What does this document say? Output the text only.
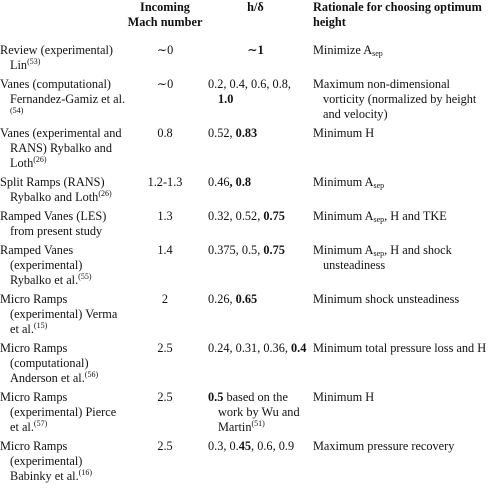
	Incoming Mach number	h/δ	Rationale for choosing optimum height

Review (experimental) Lin$^{(53)}$	∼0	∼1	Minimize $A_{sep}$

Vanes (computational) Fernandez-Gamiz et al.$^{(54)}$	∼0	0.2, 0.4, 0.6, 0.8, 1.0	Maximum non-dimensional vorticity (normalized by height and velocity)

Vanes (experimental and RANS) Rybalko and Loth$^{(26)}$	0.8	0.52, 0.83	Minimum H

Split Ramps (RANS) Rybalko and Loth$^{(26)}$	1.2-1.3	0.46, 0.8	Minimum $A_{sep}$

Ramped Vanes (LES) from present study	1.3	0.32, 0.52, 0.75	Minimum $A_{sep}$, H and TKE

Ramped Vanes (experimental) Rybalko et al.$^{(55)}$	1.4	0.375, 0.5, 0.75	Minimum $A_{sep}$, H and shock unsteadiness

Micro Ramps (experimental) Verma et al.$^{(15)}$	2	0.26, 0.65	Minimum shock unsteadiness

Micro Ramps (computational) Anderson et al.$^{(56)}$	2.5	0.24, 0.31, 0.36, 0.4	Minimum total pressure loss and H

Micro Ramps (experimental) Pierce et al.$^{(57)}$	2.5	0.5 based on the work by Wu and Martin$^{(51)}$	Minimum H

Micro Ramps (experimental) Babinky et al.$^{(16)}$	2.5	0.3, 0.45, 0.6, 0.9	Maximum pressure recovery
